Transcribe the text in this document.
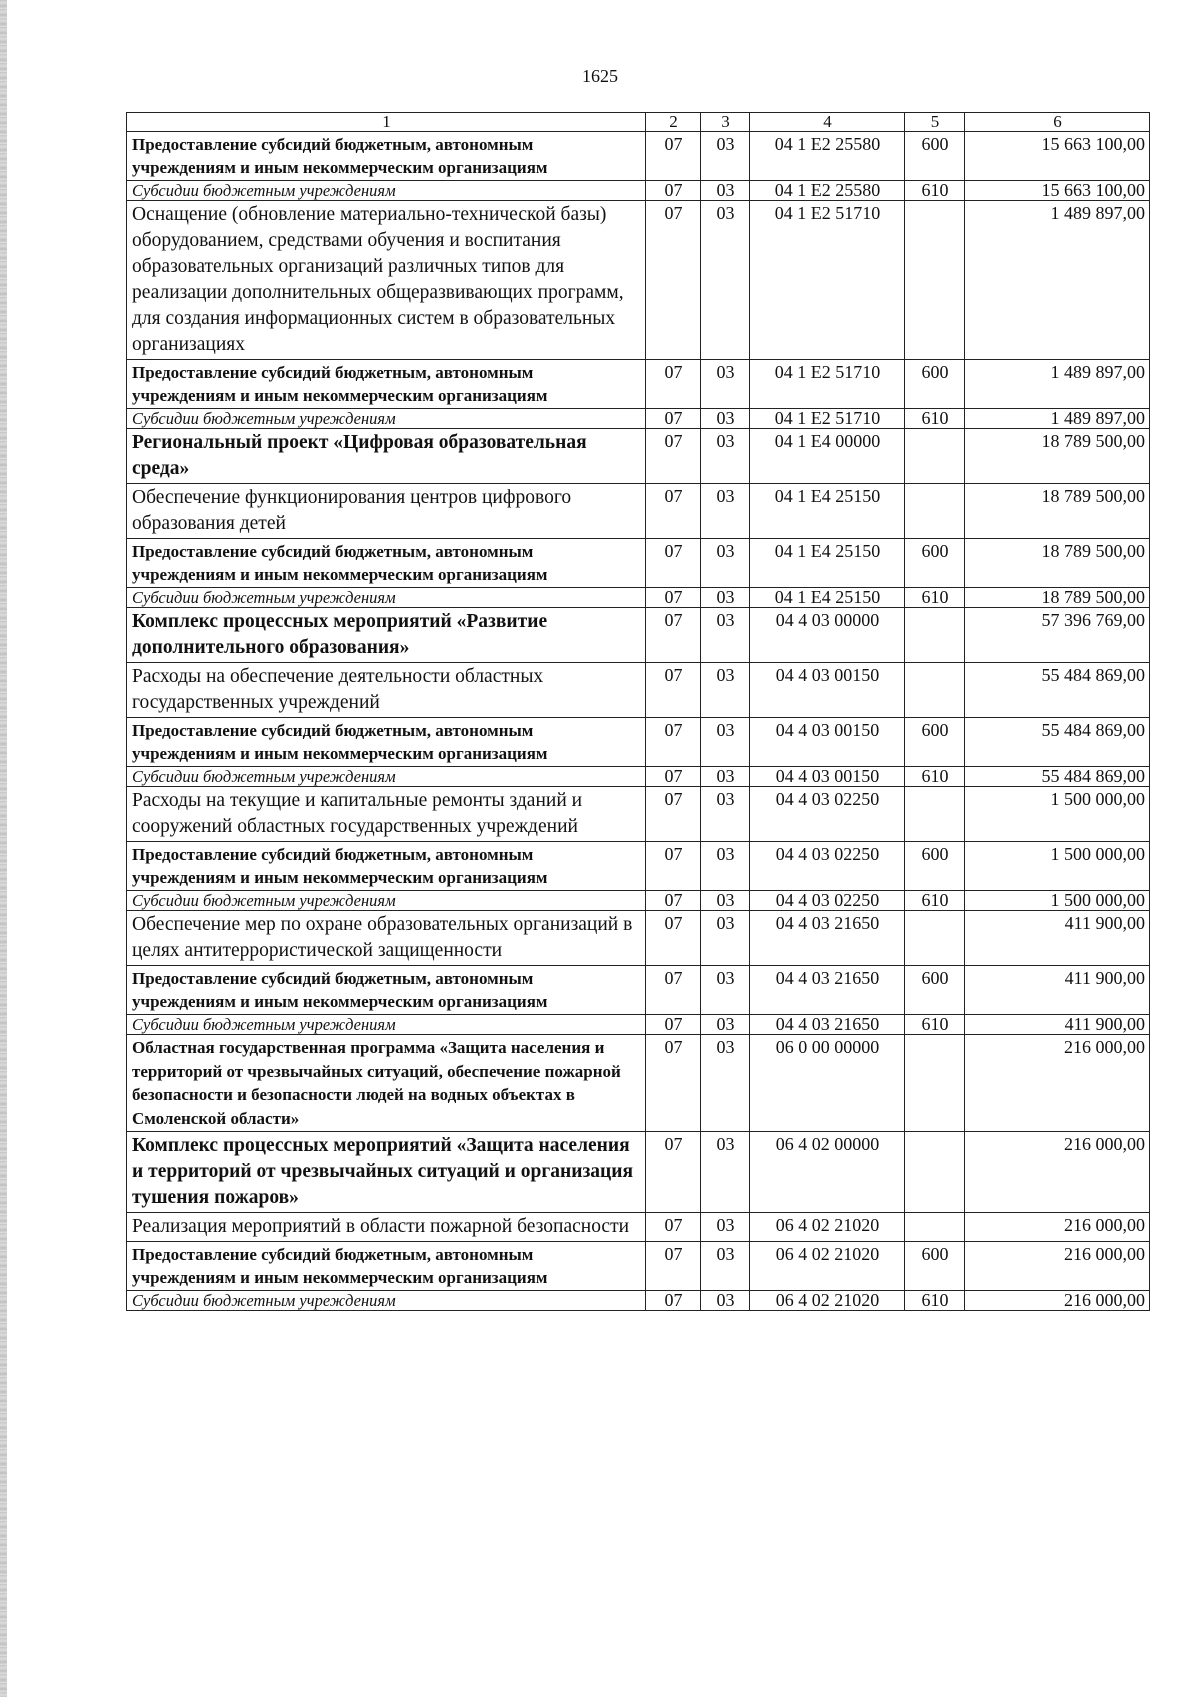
1625
1	2	3	4	5	6
Предоставление субсидий бюджетным, автономным учреждениям и иным некоммерческим организациям	07	03	04 1 Е2 25580	600	15 663 100,00
Субсидии бюджетным учреждениям	07	03	04 1 Е2 25580	610	15 663 100,00
Оснащение (обновление материально-технической базы) оборудованием, средствами обучения и воспитания образовательных организаций различных типов для реализации дополнительных общеразвивающих программ, для создания информационных систем в образовательных организациях	07	03	04 1 Е2 51710		1 489 897,00
Предоставление субсидий бюджетным, автономным учреждениям и иным некоммерческим организациям	07	03	04 1 Е2 51710	600	1 489 897,00
Субсидии бюджетным учреждениям	07	03	04 1 Е2 51710	610	1 489 897,00
Региональный проект «Цифровая образовательная среда»	07	03	04 1 Е4 00000		18 789 500,00
Обеспечение функционирования центров цифрового образования детей	07	03	04 1 Е4 25150		18 789 500,00
Предоставление субсидий бюджетным, автономным учреждениям и иным некоммерческим организациям	07	03	04 1 Е4 25150	600	18 789 500,00
Субсидии бюджетным учреждениям	07	03	04 1 Е4 25150	610	18 789 500,00
Комплекс процессных мероприятий «Развитие дополнительного образования»	07	03	04 4 03 00000		57 396 769,00
Расходы на обеспечение деятельности областных государственных учреждений	07	03	04 4 03 00150		55 484 869,00
Предоставление субсидий бюджетным, автономным учреждениям и иным некоммерческим организациям	07	03	04 4 03 00150	600	55 484 869,00
Субсидии бюджетным учреждениям	07	03	04 4 03 00150	610	55 484 869,00
Расходы на текущие и капитальные ремонты зданий и сооружений областных государственных учреждений	07	03	04 4 03 02250		1 500 000,00
Предоставление субсидий бюджетным, автономным учреждениям и иным некоммерческим организациям	07	03	04 4 03 02250	600	1 500 000,00
Субсидии бюджетным учреждениям	07	03	04 4 03 02250	610	1 500 000,00
Обеспечение мер по охране образовательных организаций в целях антитеррористической защищенности	07	03	04 4 03 21650		411 900,00
Предоставление субсидий бюджетным, автономным учреждениям и иным некоммерческим организациям	07	03	04 4 03 21650	600	411 900,00
Субсидии бюджетным учреждениям	07	03	04 4 03 21650	610	411 900,00
Областная государственная программа «Защита населения и территорий от чрезвычайных ситуаций, обеспечение пожарной безопасности и безопасности людей на водных объектах в Смоленской области»	07	03	06 0 00 00000		216 000,00
Комплекс процессных мероприятий «Защита населения и территорий от чрезвычайных ситуаций и организация тушения пожаров»	07	03	06 4 02 00000		216 000,00
Реализация мероприятий в области пожарной безопасности	07	03	06 4 02 21020		216 000,00
Предоставление субсидий бюджетным, автономным учреждениям и иным некоммерческим организациям	07	03	06 4 02 21020	600	216 000,00
Субсидии бюджетным учреждениям	07	03	06 4 02 21020	610	216 000,00
